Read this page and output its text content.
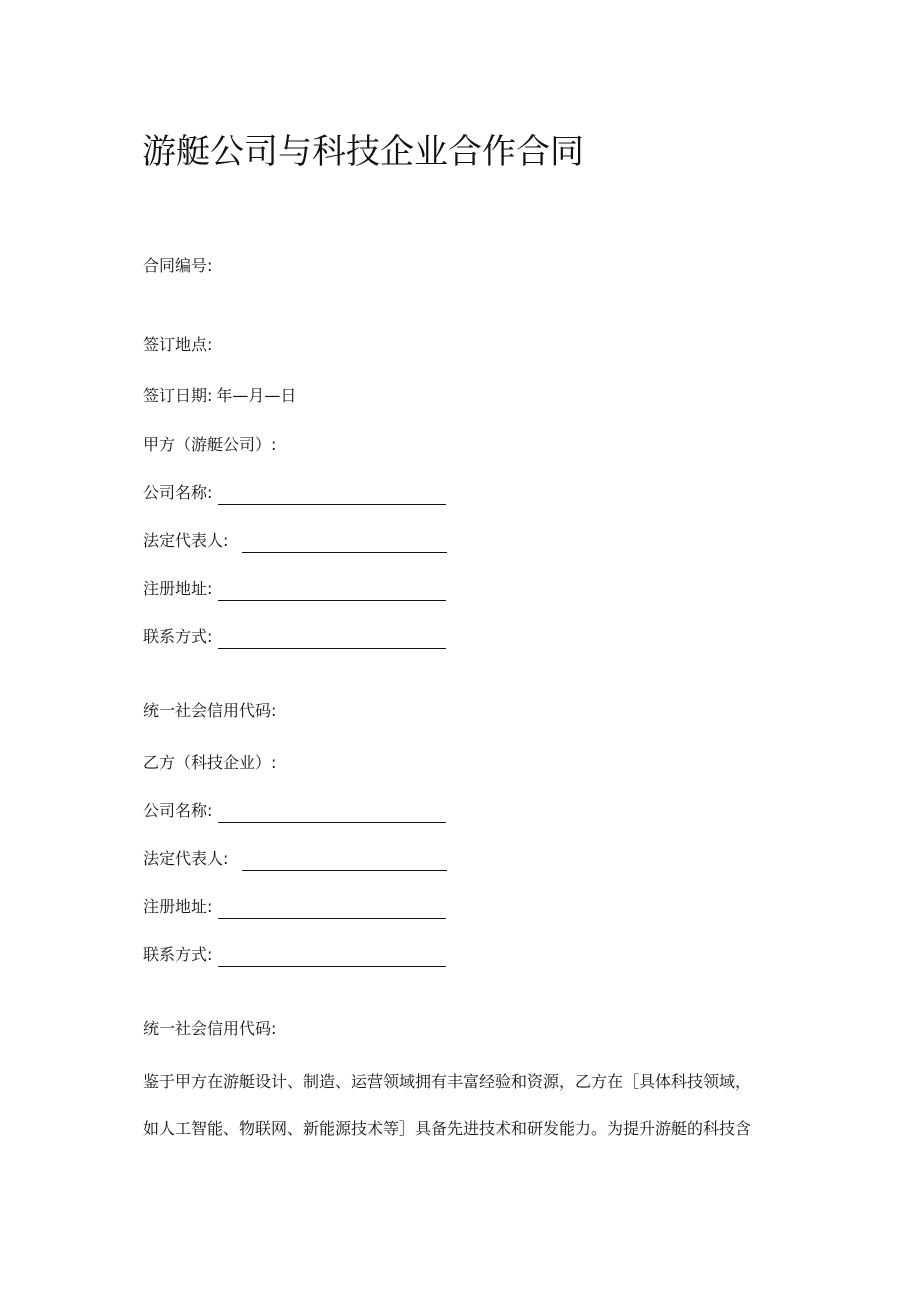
游艇公司与科技企业合作合同
合同编号:
签订地点:
签订日期: 年—月—日
甲方（游艇公司）:
公司名称:
法定代表人:
注册地址:
联系方式:
统一社会信用代码:
乙方（科技企业）:
公司名称:
法定代表人:
注册地址:
联系方式:
统一社会信用代码:
鉴于甲方在游艇设计、制造、运营领域拥有丰富经验和资源，乙方在［具体科技领域，
如人工智能、物联网、新能源技术等］具备先进技术和研发能力。为提升游艇的科技含
